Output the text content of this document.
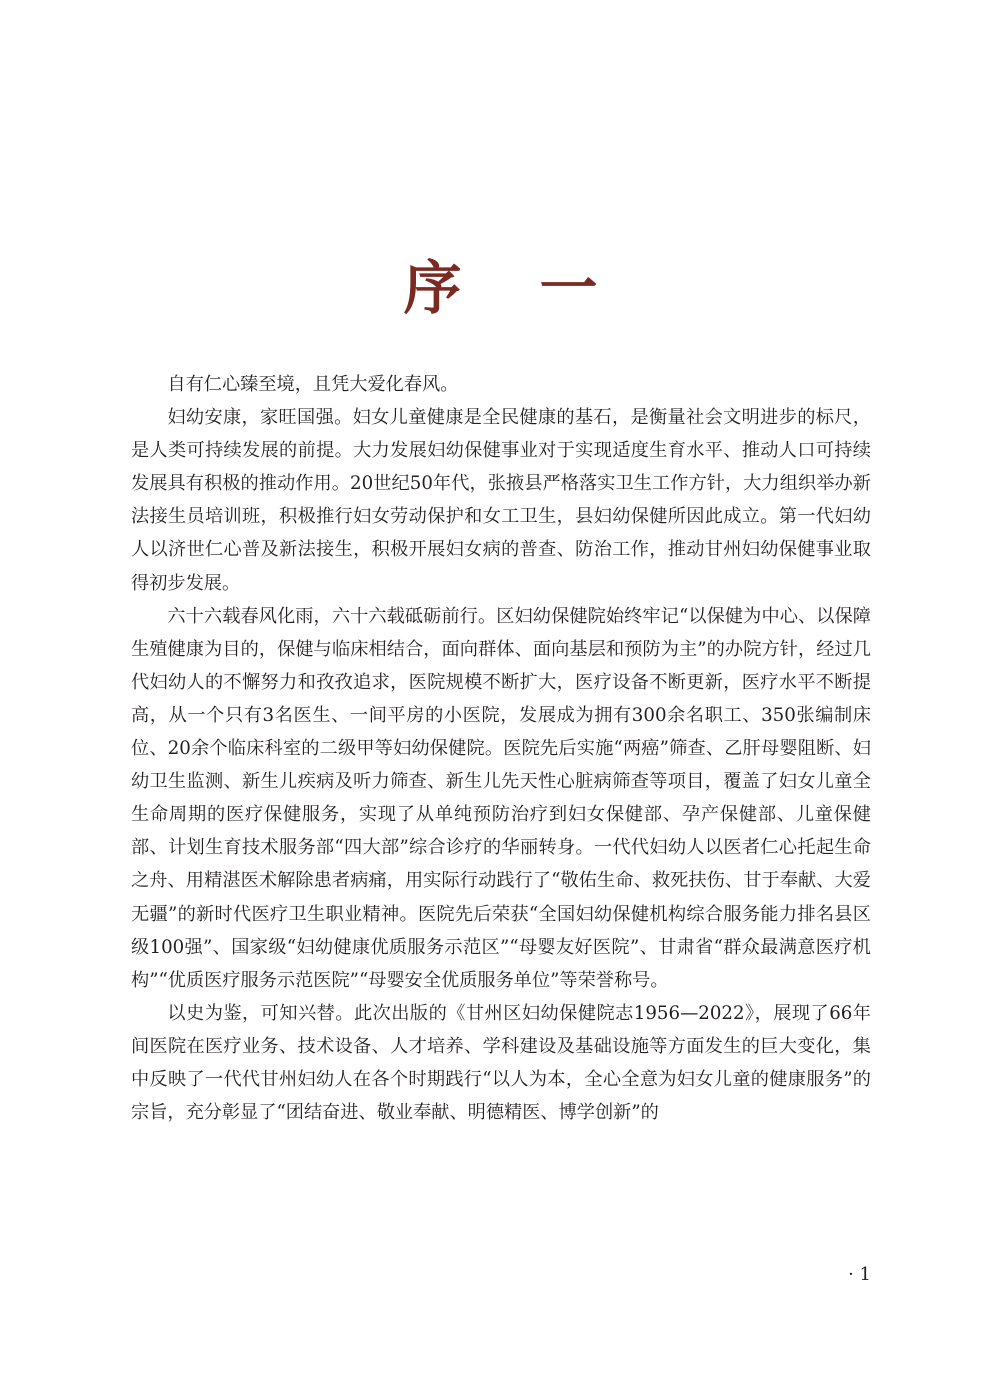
序一

自有仁心臻至境，且凭大爱化春风。

妇幼安康，家旺国强。妇女儿童健康是全民健康的基石，是衡量社会文明进步的标尺，是人类可持续发展的前提。大力发展妇幼保健事业对于实现适度生育水平、推动人口可持续发展具有积极的推动作用。20世纪50年代，张掖县严格落实卫生工作方针，大力组织举办新法接生员培训班，积极推行妇女劳动保护和女工卫生，县妇幼保健所因此成立。第一代妇幼人以济世仁心普及新法接生，积极开展妇女病的普查、防治工作，推动甘州妇幼保健事业取得初步发展。

六十六载春风化雨，六十六载砥砺前行。区妇幼保健院始终牢记“以保健为中心、以保障生殖健康为目的，保健与临床相结合，面向群体、面向基层和预防为主”的办院方针，经过几代妇幼人的不懈努力和孜孜追求，医院规模不断扩大，医疗设备不断更新，医疗水平不断提高，从一个只有3名医生、一间平房的小医院，发展成为拥有300余名职工、350张编制床位、20余个临床科室的二级甲等妇幼保健院。医院先后实施“两癌”筛查、乙肝母婴阻断、妇幼卫生监测、新生儿疾病及听力筛查、新生儿先天性心脏病筛查等项目，覆盖了妇女儿童全生命周期的医疗保健服务，实现了从单纯预防治疗到妇女保健部、孕产保健部、儿童保健部、计划生育技术服务部“四大部”综合诊疗的华丽转身。一代代妇幼人以医者仁心托起生命之舟、用精湛医术解除患者病痛，用实际行动践行了“敬佑生命、救死扶伤、甘于奉献、大爱无疆”的新时代医疗卫生职业精神。医院先后荣获“全国妇幼保健机构综合服务能力排名县区级100强”、国家级“妇幼健康优质服务示范区”“母婴友好医院”、甘肃省“群众最满意医疗机构”“优质医疗服务示范医院”“母婴安全优质服务单位”等荣誉称号。

以史为鉴，可知兴替。此次出版的《甘州区妇幼保健院志1956—2022》，展现了66年间医院在医疗业务、技术设备、人才培养、学科建设及基础设施等方面发生的巨大变化，集中反映了一代代甘州妇幼人在各个时期践行“以人为本，全心全意为妇女儿童的健康服务”的宗旨，充分彰显了“团结奋进、敬业奉献、明德精医、博学创新”的

· 1
